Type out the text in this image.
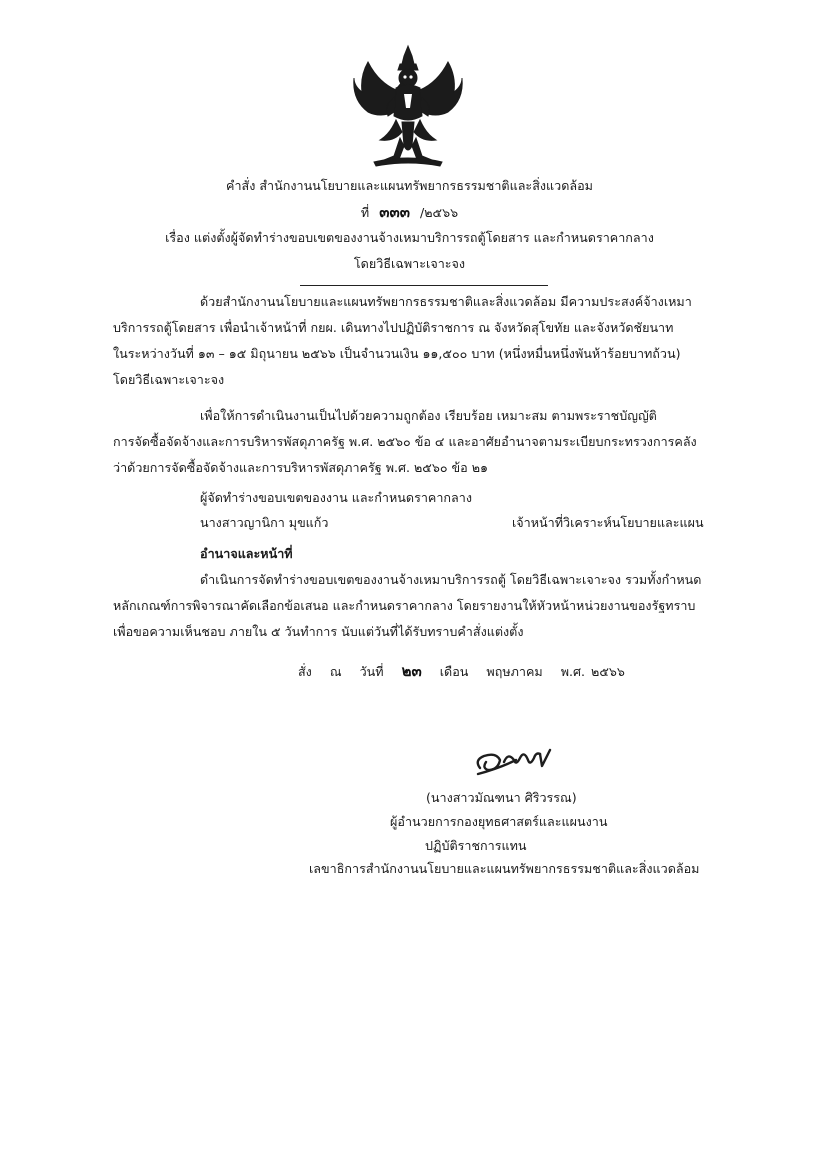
คำสั่ง สำนักงานนโยบายและแผนทรัพยากรธรรมชาติและสิ่งแวดล้อม
ที่ ๓๓๓ /๒๕๖๖
เรื่อง แต่งตั้งผู้จัดทำร่างขอบเขตของงานจ้างเหมาบริการรถตู้โดยสาร และกำหนดราคากลาง
โดยวิธีเฉพาะเจาะจง
ด้วยสำนักงานนโยบายและแผนทรัพยากรธรรมชาติและสิ่งแวดล้อม มีความประสงค์จ้างเหมา
บริการรถตู้โดยสาร เพื่อนำเจ้าหน้าที่ กยผ. เดินทางไปปฏิบัติราชการ ณ จังหวัดสุโขทัย และจังหวัดชัยนาท
ในระหว่างวันที่ ๑๓ – ๑๕ มิถุนายน ๒๕๖๖ เป็นจำนวนเงิน ๑๑,๕๐๐ บาท (หนึ่งหมื่นหนึ่งพันห้าร้อยบาทถ้วน)
โดยวิธีเฉพาะเจาะจง
เพื่อให้การดำเนินงานเป็นไปด้วยความถูกต้อง เรียบร้อย เหมาะสม ตามพระราชบัญญัติ
การจัดซื้อจัดจ้างและการบริหารพัสดุภาครัฐ พ.ศ. ๒๕๖๐ ข้อ ๔ และอาศัยอำนาจตามระเบียบกระทรวงการคลัง
ว่าด้วยการจัดซื้อจัดจ้างและการบริหารพัสดุภาครัฐ พ.ศ. ๒๕๖๐ ข้อ ๒๑
ผู้จัดทำร่างขอบเขตของงาน และกำหนดราคากลาง
นางสาวญานิกา มุขแก้ว	เจ้าหน้าที่วิเคราะห์นโยบายและแผน
อำนาจและหน้าที่
ดำเนินการจัดทำร่างขอบเขตของงานจ้างเหมาบริการรถตู้ โดยวิธีเฉพาะเจาะจง รวมทั้งกำหนด
หลักเกณฑ์การพิจารณาคัดเลือกข้อเสนอ และกำหนดราคากลาง โดยรายงานให้หัวหน้าหน่วยงานของรัฐทราบ
เพื่อขอความเห็นชอบ ภายใน ๕ วันทำการ นับแต่วันที่ได้รับทราบคำสั่งแต่งตั้ง
สั่ง ณ วันที่ ๒๓ เดือน พฤษภาคม พ.ศ. ๒๕๖๖
(นางสาวมัณฑนา ศิริวรรณ)
ผู้อำนวยการกองยุทธศาสตร์และแผนงาน
ปฏิบัติราชการแทน
เลขาธิการสำนักงานนโยบายและแผนทรัพยากรธรรมชาติและสิ่งแวดล้อม
